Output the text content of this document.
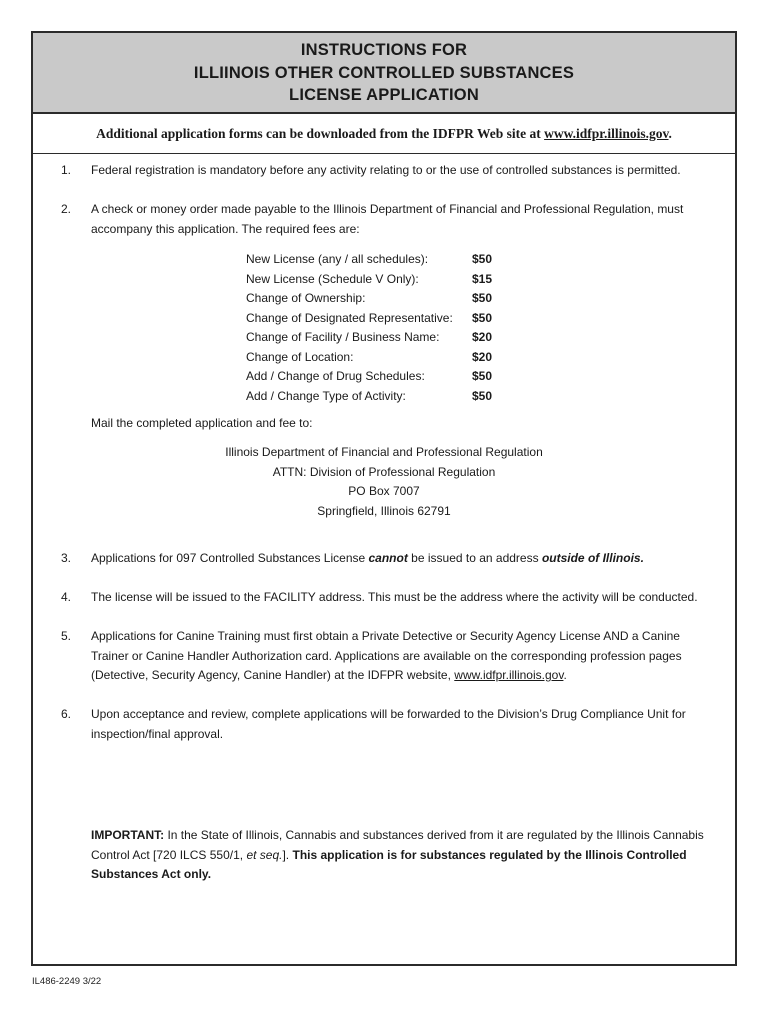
INSTRUCTIONS FOR
ILLIINOIS OTHER CONTROLLED SUBSTANCES
LICENSE APPLICATION
Additional application forms can be downloaded from the IDFPR Web site at www.idfpr.illinois.gov.
1. Federal registration is mandatory before any activity relating to or the use of controlled substances is permitted.
2. A check or money order made payable to the Illinois Department of Financial and Professional Regulation, must accompany this application. The required fees are:
New License (any / all schedules):	$50
New License (Schedule V Only):	$15
Change of Ownership:	$50
Change of Designated Representative: $50
Change of Facility / Business Name:	$20
Change of Location:	$20
Add / Change of Drug Schedules:	$50
Add / Change Type of Activity:	$50
Mail the completed application and fee to:
Illinois Department of Financial and Professional Regulation
ATTN: Division of Professional Regulation
PO Box 7007
Springfield, Illinois 62791
3. Applications for 097 Controlled Substances License cannot be issued to an address outside of Illinois.
4. The license will be issued to the FACILITY address. This must be the address where the activity will be conducted.
5. Applications for Canine Training must first obtain a Private Detective or Security Agency License AND a Canine Trainer or Canine Handler Authorization card. Applications are available on the corresponding profession pages (Detective, Security Agency, Canine Handler) at the IDFPR website, www.idfpr.illinois.gov.
6. Upon acceptance and review, complete applications will be forwarded to the Division’s Drug Compliance Unit for inspection/final approval.
IMPORTANT: In the State of Illinois, Cannabis and substances derived from it are regulated by the Illinois Cannabis Control Act [720 ILCS 550/1, et seq.]. This application is for substances regulated by the Illinois Controlled Substances Act only.
IL486-2249 3/22
